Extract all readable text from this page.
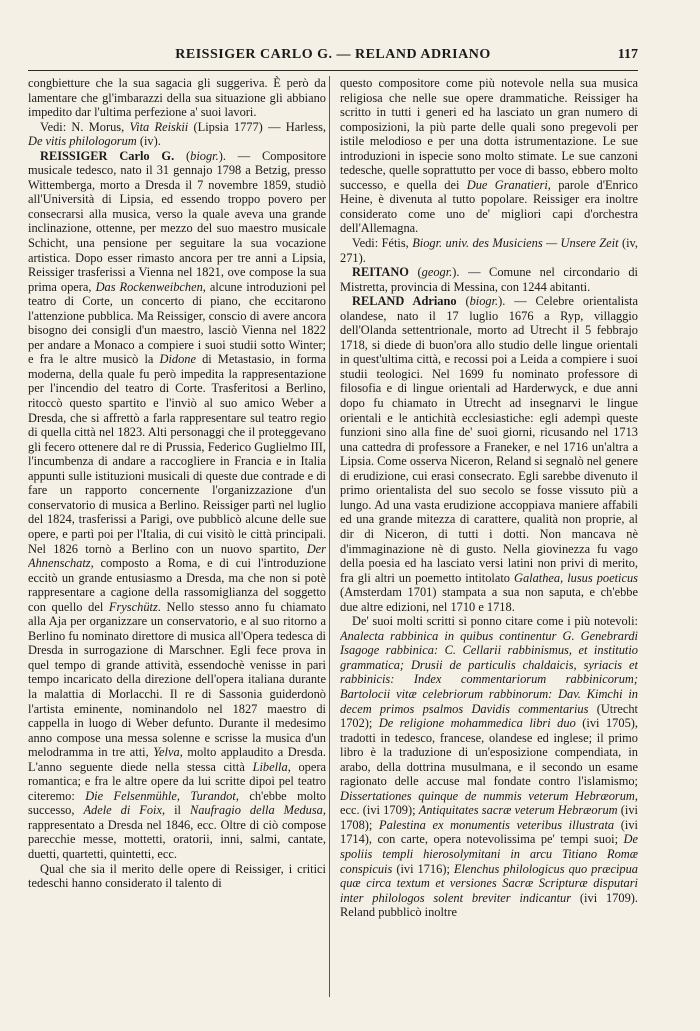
REISSIGER CARLO G. — RELAND ADRIANO	117

congbietture che la sua sagacia gli suggeriva. È però da lamentare che gl'imbarazzi della sua situazione gli abbiano impedito dar l'ultima perfezione a' suoi lavori.

Vedi: N. Morus, Vita Reiskii (Lipsia 1777) — Harless, De vitis philologorum (iv).

REISSIGER Carlo G. (biogr.). — Compositore musicale tedesco, nato il 31 gennajo 1798 a Betzig, presso Wittemberga, morto a Dresda il 7 novembre 1859, studiò all'Università di Lipsia, ed essendo troppo povero per consecrarsi alla musica, verso la quale aveva una grande inclinazione, ottenne, per mezzo del suo maestro musicale Schicht, una pensione per seguitare la sua vocazione artistica. Dopo esser rimasto ancora per tre anni a Lipsia, Reissiger trasferissi a Vienna nel 1821, ove compose la sua prima opera, Das Rockenweibchen, alcune introduzioni pel teatro di Corte, un concerto di piano, che eccitarono l'attenzione pubblica. Ma Reissiger, conscio di avere ancora bisogno dei consigli d'un maestro, lasciò Vienna nel 1822 per andare a Monaco a compiere i suoi studii sotto Winter; e fra le altre musicò la Didone di Metastasio, in forma moderna, della quale fu però impedita la rappresentazione per l'incendio del teatro di Corte. Trasferitosi a Berlino, ritoccò questo spartito e l'inviò al suo amico Weber a Dresda, che si affrettò a farla rappresentare sul teatro regio di quella città nel 1823. Alti personaggi che il proteggevano gli fecero ottenere dal re di Prussia, Federico Guglielmo III, l'incumbenza di andare a raccogliere in Francia e in Italia appunti sulle istituzioni musicali di queste due contrade e di fare un rapporto concernente l'organizzazione d'un conservatorio di musica a Berlino. Reissiger partì nel luglio del 1824, trasferissi a Parigi, ove pubblicò alcune delle sue opere, e partì poi per l'Italia, di cui visitò le città principali. Nel 1826 tornò a Berlino con un nuovo spartito, Der Ahnenschatz, composto a Roma, e di cui l'introduzione eccitò un grande entusiasmo a Dresda, ma che non si potè rappresentare a cagione della rassomiglianza del soggetto con quello del Fryschütz. Nello stesso anno fu chiamato alla Aja per organizzare un conservatorio, e al suo ritorno a Berlino fu nominato direttore di musica all'Opera tedesca di Dresda in surrogazione di Marschner. Egli fece prova in quel tempo di grande attività, essendochè venisse in pari tempo incaricato della direzione dell'opera italiana durante la malattia di Morlacchi. Il re di Sassonia guiderdonò l'artista eminente, nominandolo nel 1827 maestro di cappella in luogo di Weber defunto. Durante il medesimo anno compose una messa solenne e scrisse la musica d'un melodramma in tre atti, Yelva, molto applaudito a Dresda. L'anno seguente diede nella stessa città Libella, opera romantica; e fra le altre opere da lui scritte dipoi pel teatro citeremo: Die Felsenmühle, Turandot, ch'ebbe molto successo, Adele di Foix, il Naufragio della Medusa, rappresentato a Dresda nel 1846, ecc. Oltre di ciò compose parecchie messe, mottetti, oratorii, inni, salmi, cantate, duetti, quartetti, quintetti, ecc.

Qual che sia il merito delle opere di Reissiger, i critici tedeschi hanno considerato il talento di

questo compositore come più notevole nella sua musica religiosa che nelle sue opere drammatiche. Reissiger ha scritto in tutti i generi ed ha lasciato un gran numero di composizioni, la più parte delle quali sono pregevoli per istile melodioso e per una dotta istrumentazione. Le sue introduzioni in ispecie sono molto stimate. Le sue canzoni tedesche, quelle soprattutto per voce di basso, ebbero molto successo, e quella dei Due Granatieri, parole d'Enrico Heine, è divenuta al tutto popolare. Reissiger era inoltre considerato come uno de' migliori capi d'orchestra dell'Allemagna.

Vedi: Fétis, Biogr. univ. des Musiciens — Unsere Zeit (iv, 271).

REITANO (geogr.). — Comune nel circondario di Mistretta, provincia di Messina, con 1244 abitanti.

RELAND Adriano (biogr.). — Celebre orientalista olandese, nato il 17 luglio 1676 a Ryp, villaggio dell'Olanda settentrionale, morto ad Utrecht il 5 febbrajo 1718, si diede di buon'ora allo studio delle lingue orientali in quest'ultima città, e recossi poi a Leida a compiere i suoi studii teologici. Nel 1699 fu nominato professore di filosofia e di lingue orientali ad Harderwyck, e due anni dopo fu chiamato in Utrecht ad insegnarvi le lingue orientali e le antichità ecclesiastiche: egli adempì queste funzioni sino alla fine de' suoi giorni, ricusando nel 1713 una cattedra di professore a Franeker, e nel 1716 un'altra a Lipsia. Come osserva Niceron, Reland si segnalò nel genere di erudizione, cui erasi consecrato. Egli sarebbe divenuto il primo orientalista del suo secolo se fosse vissuto più a lungo. Ad una vasta erudizione accoppiava maniere affabili ed una grande mitezza di carattere, qualità non proprie, al dir di Niceron, di tutti i dotti. Non mancava nè d'immaginazione nè di gusto. Nella giovinezza fu vago della poesia ed ha lasciato versi latini non privi di merito, fra gli altri un poemetto intitolato Galathea, lusus poeticus (Amsterdam 1701) stampata a sua non saputa, e ch'ebbe due altre edizioni, nel 1710 e 1718.

De' suoi molti scritti si ponno citare come i più notevoli: Analecta rabbinica in quibus continentur G. Genebrardi Isagoge rabbinica: C. Cellarii rabbinismus, et institutio grammatica; Drusii de particulis chaldaicis, syriacis et rabbinicis: Index commentariorum rabbinicorum; Bartolocii vitæ celebriorum rabbinorum: Dav. Kimchi in decem primos psalmos Davidis commentarius (Utrecht 1702); De religione mohammedica libri duo (ivi 1705), tradotti in tedesco, francese, olandese ed inglese; il primo libro è la traduzione di un'esposizione compendiata, in arabo, della dottrina musulmana, e il secondo un esame ragionato delle accuse mal fondate contro l'islamismo; Dissertationes quinque de nummis veterum Hebræorum, ecc. (ivi 1709); Antiquitates sacræ veterum Hebræorum (ivi 1708); Palestina ex monumentis veteribus illustrata (ivi 1714), con carte, opera notevolissima pe' tempi suoi; De spoliis templi hierosolymitani in arcu Titiano Romæ conspicuis (ivi 1716); Elenchus philologicus quo præcipua quæ circa textum et versiones Sacræ Scripturæ disputari inter philologos solent breviter indicantur (ivi 1709). Reland pubblicò inoltre
